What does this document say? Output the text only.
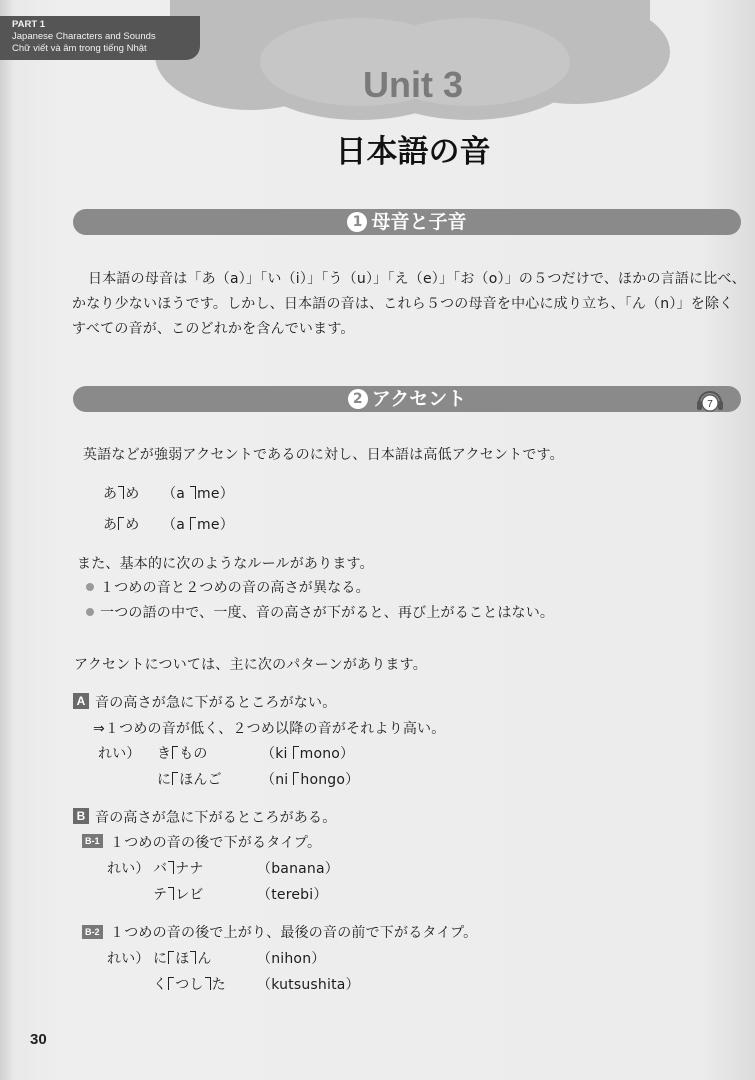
PART 1
Japanese Characters and Sounds
Chữ viết và âm trong tiếng Nhật
Unit 3
日本語の音
1 母音と子音
日本語の母音は「あ（a）」「い（i）」「う（u）」「え（e）」「お（o）」の５つだけで、ほかの言語に比べ、
かなり少ないほうです。しかし、日本語の音は、これら５つの母音を中心に成り立ち、「ん（n）」を除く
すべての音が、このどれかを含んでいます。
2 アクセント	7
英語などが強弱アクセントであるのに対し、日本語は高低アクセントです。
あ め （a me）
あ め （a me）
また、基本的に次のようなルールがあります。
１つめの音と２つめの音の高さが異なる。
一つの語の中で、一度、音の高さが下がると、再び上がることはない。
アクセントについては、主に次のパターンがあります。
A 音の高さが急に下がるところがない。
⇒１つめの音が低く、２つめ以降の音がそれより高い。
れい） き もの	（ki mono）
に ほんご	（ni hongo）
B 音の高さが急に下がるところがある。
B-1 １つめの音の後で下がるタイプ。
れい） バ ナナ	（banana）
テ レビ	（terebi）
B-2 １つめの音の後で上がり、最後の音の前で下がるタイプ。
れい） に ほ ん	（nihon）
く つし た （kutsushita）
30
